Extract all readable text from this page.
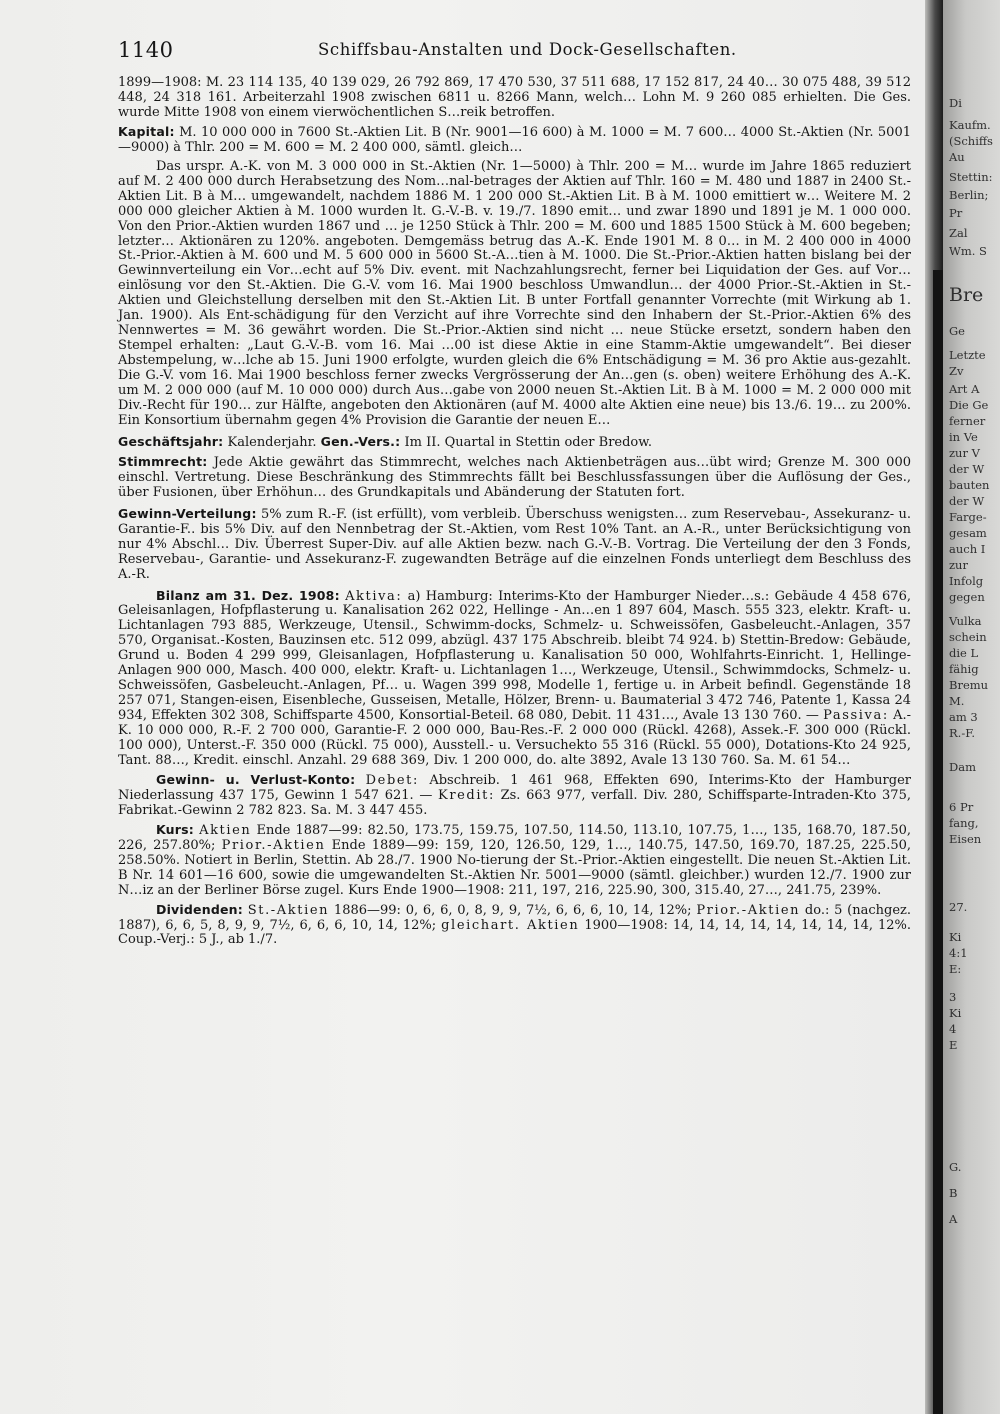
1140	Schiffsbau-Anstalten und Dock-Gesellschaften.

1899—1908: M. 23 114 135, 40 139 029, 26 792 869, 17 470 530, 37 511 688, 17 152 817, 24 40… 30 075 488, 39 512 448, 24 318 161. Arbeiterzahl 1908 zwischen 6811 u. 8266 Mann, welch… Lohn M. 9 260 085 erhielten. Die Ges. wurde Mitte 1908 von einem vierwöchentlichen S…reik betroffen.

Kapital: M. 10 000 000 in 7600 St.-Aktien Lit. B (Nr. 9001—16 600) à M. 1000 = M. 7 600… 4000 St.-Aktien (Nr. 5001—9000) à Thlr. 200 = M. 600 = M. 2 400 000, sämtl. gleich…

Das urspr. A.-K. von M. 3 000 000 in St.-Aktien (Nr. 1—5000) à Thlr. 200 = M… wurde im Jahre 1865 reduziert auf M. 2 400 000 durch Herabsetzung des Nom…nal-betrages der Aktien auf Thlr. 160 = M. 480 und 1887 in 2400 St.-Aktien Lit. B à M… umgewandelt, nachdem 1886 M. 1 200 000 St.-Aktien Lit. B à M. 1000 emittiert w… Weitere M. 2 000 000 gleicher Aktien à M. 1000 wurden lt. G.-V.-B. v. 19./7. 1890 emit… und zwar 1890 und 1891 je M. 1 000 000. Von den Prior.-Aktien wurden 1867 und … je 1250 Stück à Thlr. 200 = M. 600 und 1885 1500 Stück à M. 600 begeben; letzter… Aktionären zu 120%. angeboten. Demgemäss betrug das A.-K. Ende 1901 M. 8 0… in M. 2 400 000 in 4000 St.-Prior.-Aktien à M. 600 und M. 5 600 000 in 5600 St.-A…tien à M. 1000. Die St.-Prior.-Aktien hatten bislang bei der Gewinnverteilung ein Vor…echt auf 5% Div. event. mit Nachzahlungsrecht, ferner bei Liquidation der Ges. auf Vor…einlösung vor den St.-Aktien. Die G.-V. vom 16. Mai 1900 beschloss Umwandlun… der 4000 Prior.-St.-Aktien in St.-Aktien und Gleichstellung derselben mit den St.-Aktien Lit. B unter Fortfall genannter Vorrechte (mit Wirkung ab 1. Jan. 1900). Als Ent-schädigung für den Verzicht auf ihre Vorrechte sind den Inhabern der St.-Prior.-Aktien 6% des Nennwertes = M. 36 gewährt worden. Die St.-Prior.-Aktien sind nicht … neue Stücke ersetzt, sondern haben den Stempel erhalten: „Laut G.-V.-B. vom 16. Mai …00 ist diese Aktie in eine Stamm-Aktie umgewandelt“. Bei dieser Abstempelung, w…lche ab 15. Juni 1900 erfolgte, wurden gleich die 6% Entschädigung = M. 36 pro Aktie aus-gezahlt. Die G.-V. vom 16. Mai 1900 beschloss ferner zwecks Vergrösserung der An…gen (s. oben) weitere Erhöhung des A.-K. um M. 2 000 000 (auf M. 10 000 000) durch Aus…gabe von 2000 neuen St.-Aktien Lit. B à M. 1000 = M. 2 000 000 mit Div.-Recht für 190… zur Hälfte, angeboten den Aktionären (auf M. 4000 alte Aktien eine neue) bis 13./6. 19… zu 200%. Ein Konsortium übernahm gegen 4% Provision die Garantie der neuen E…

Geschäftsjahr: Kalenderjahr. Gen.-Vers.: Im II. Quartal in Stettin oder Bredow.

Stimmrecht: Jede Aktie gewährt das Stimmrecht, welches nach Aktienbeträgen aus…übt wird; Grenze M. 300 000 einschl. Vertretung. Diese Beschränkung des Stimmrechts fällt bei Beschlussfassungen über die Auflösung der Ges., über Fusionen, über Erhöhun… des Grundkapitals und Abänderung der Statuten fort.

Gewinn-Verteilung: 5% zum R.-F. (ist erfüllt), vom verbleib. Überschuss wenigsten… zum Reservebau-, Assekuranz- u. Garantie-F.. bis 5% Div. auf den Nennbetrag der St.-Aktien, vom Rest 10% Tant. an A.-R., unter Berücksichtigung von nur 4% Abschl… Div. Überrest Super-Div. auf alle Aktien bezw. nach G.-V.-B. Vortrag. Die Verteilung der den 3 Fonds, Reservebau-, Garantie- und Assekuranz-F. zugewandten Beträge auf die einzelnen Fonds unterliegt dem Beschluss des A.-R.

Bilanz am 31. Dez. 1908: Aktiva: a) Hamburg: Interims-Kto der Hamburger Nieder…s.: Gebäude 4 458 676, Geleisanlagen, Hofpflasterung u. Kanalisation 262 022, Hellinge - An…en 1 897 604, Masch. 555 323, elektr. Kraft- u. Lichtanlagen 793 885, Werkzeuge, Utensil., Schwimm-docks, Schmelz- u. Schweissöfen, Gasbeleucht.-Anlagen, 357 570, Organisat.-Kosten, Bauzinsen etc. 512 099, abzügl. 437 175 Abschreib. bleibt 74 924. b) Stettin-Bredow: Gebäude, Grund u. Boden 4 299 999, Gleisanlagen, Hofpflasterung u. Kanalisation 50 000, Wohlfahrts-Einricht. 1, Hellinge-Anlagen 900 000, Masch. 400 000, elektr. Kraft- u. Lichtanlagen 1…, Werkzeuge, Utensil., Schwimmdocks, Schmelz- u. Schweissöfen, Gasbeleucht.-Anlagen, Pf… u. Wagen 399 998, Modelle 1, fertige u. in Arbeit befindl. Gegenstände 18 257 071, Stangen-eisen, Eisenbleche, Gusseisen, Metalle, Hölzer, Brenn- u. Baumaterial 3 472 746, Patente 1, Kassa 24 934, Effekten 302 308, Schiffsparte 4500, Konsortial-Beteil. 68 080, Debit. 11 431…, Avale 13 130 760. — Passiva: A.-K. 10 000 000, R.-F. 2 700 000, Garantie-F. 2 000 000, Bau-Res.-F. 2 000 000 (Rückl. 4268), Assek.-F. 300 000 (Rückl. 100 000), Unterst.-F. 350 000 (Rückl. 75 000), Ausstell.- u. Versuchekto 55 316 (Rückl. 55 000), Dotations-Kto 24 925, Tant. 88…, Kredit. einschl. Anzahl. 29 688 369, Div. 1 200 000, do. alte 3892, Avale 13 130 760. Sa. M. 61 54…

Gewinn- u. Verlust-Konto: Debet: Abschreib. 1 461 968, Effekten 690, Interims-Kto der Hamburger Niederlassung 437 175, Gewinn 1 547 621. — Kredit: Zs. 663 977, verfall. Div. 280, Schiffsparte-Intraden-Kto 375, Fabrikat.-Gewinn 2 782 823. Sa. M. 3 447 455.

Kurs: Aktien Ende 1887—99: 82.50, 173.75, 159.75, 107.50, 114.50, 113.10, 107.75, 1…, 135, 168.70, 187.50, 226, 257.80%; Prior.-Aktien Ende 1889—99: 159, 120, 126.50, 129, 1…, 140.75, 147.50, 169.70, 187.25, 225.50, 258.50%. Notiert in Berlin, Stettin. Ab 28./7. 1900 No-tierung der St.-Prior.-Aktien eingestellt. Die neuen St.-Aktien Lit. B Nr. 14 601—16 600, sowie die umgewandelten St.-Aktien Nr. 5001—9000 (sämtl. gleichber.) wurden 12./7. 1900 zur N…iz an der Berliner Börse zugel. Kurs Ende 1900—1908: 211, 197, 216, 225.90, 300, 315.40, 27…, 241.75, 239%.

Dividenden: St.-Aktien 1886—99: 0, 6, 6, 0, 8, 9, 9, 7½, 6, 6, 6, 10, 14, 12%; Prior.-Aktien do.: 5 (nachgez. 1887), 6, 6, 5, 8, 9, 9, 7½, 6, 6, 6, 10, 14, 12%; gleichart. Aktien 1900—1908: 14, 14, 14, 14, 14, 14, 14, 14, 12%. Coup.-Verj.: 5 J., ab 1./7.

Di
Kaufm.
(Schiffs
Au
Stettin:
Berlin;
Pr
Zal
Wm. S
Bre
Ge
Letzte
Zv
Art A
Die Ge
ferner
in Ve
zur V
der W
bauten
der W
Farge-
gesam
auch I
zur
Infolg
gegen
Vulka
schein
die L
fähig
Bremu
M.
am 3
R.-F.
Dam
6 Pr
fang,
Eisen
27.
Ki
4:1
E:
3
Ki
4
E
G.
B
A
